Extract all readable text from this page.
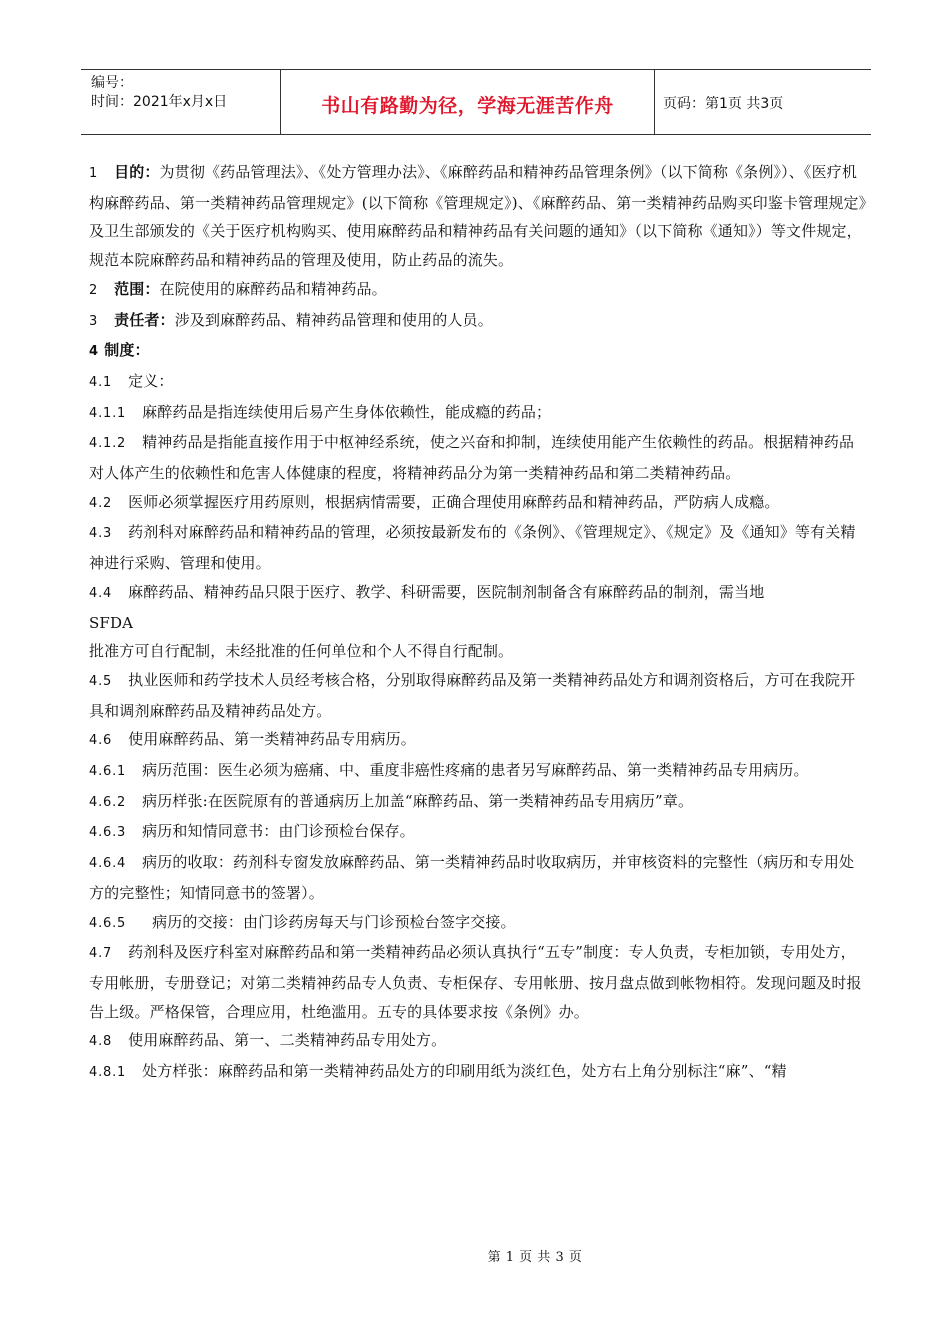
编号：
时间：2021年x月x日	书山有路勤为径，学海无涯苦作舟	页码：第1页 共3页

1 目的：为贯彻《药品管理法》、《处方管理办法》、《麻醉药品和精神药品管理条例》（以下简称《条例》）、《医疗机构麻醉药品、第一类精神药品管理规定》(以下简称《管理规定》)、《麻醉药品、第一类精神药品购买印鉴卡管理规定》及卫生部颁发的《关于医疗机构购买、使用麻醉药品和精神药品有关问题的通知》（以下简称《通知》）等文件规定，规范本院麻醉药品和精神药品的管理及使用，防止药品的流失。

2 范围：在院使用的麻醉药品和精神药品。

3 责任者：涉及到麻醉药品、精神药品管理和使用的人员。

4 制度：

4.1 定义：

4.1.1 麻醉药品是指连续使用后易产生身体依赖性，能成瘾的药品；

4.1.2 精神药品是指能直接作用于中枢神经系统，使之兴奋和抑制，连续使用能产生依赖性的药品。根据精神药品对人体产生的依赖性和危害人体健康的程度，将精神药品分为第一类精神药品和第二类精神药品。

4.2 医师必须掌握医疗用药原则，根据病情需要，正确合理使用麻醉药品和精神药品，严防病人成瘾。

4.3 药剂科对麻醉药品和精神药品的管理，必须按最新发布的《条例》、《管理规定》、《规定》及《通知》等有关精神进行采购、管理和使用。

4.4 麻醉药品、精神药品只限于医疗、教学、科研需要，医院制剂制备含有麻醉药品的制剂，需当地
SFDA
批准方可自行配制，未经批准的任何单位和个人不得自行配制。

4.5 执业医师和药学技术人员经考核合格，分别取得麻醉药品及第一类精神药品处方和调剂资格后，方可在我院开具和调剂麻醉药品及精神药品处方。

4.6 使用麻醉药品、第一类精神药品专用病历。

4.6.1 病历范围：医生必须为癌痛、中、重度非癌性疼痛的患者另写麻醉药品、第一类精神药品专用病历。

4.6.2 病历样张:在医院原有的普通病历上加盖“麻醉药品、第一类精神药品专用病历”章。

4.6.3 病历和知情同意书：由门诊预检台保存。

4.6.4 病历的收取：药剂科专窗发放麻醉药品、第一类精神药品时收取病历，并审核资料的完整性（病历和专用处方的完整性；知情同意书的签署）。

4.6.5 病历的交接：由门诊药房每天与门诊预检台签字交接。

4.7 药剂科及医疗科室对麻醉药品和第一类精神药品必须认真执行“五专”制度：专人负责，专柜加锁，专用处方，专用帐册，专册登记；对第二类精神药品专人负责、专柜保存、专用帐册、按月盘点做到帐物相符。发现问题及时报告上级。严格保管，合理应用，杜绝滥用。五专的具体要求按《条例》办。

4.8 使用麻醉药品、第一、二类精神药品专用处方。

4.8.1 处方样张：麻醉药品和第一类精神药品处方的印刷用纸为淡红色，处方右上角分别标注“麻”、“精

第 1 页 共 3 页
